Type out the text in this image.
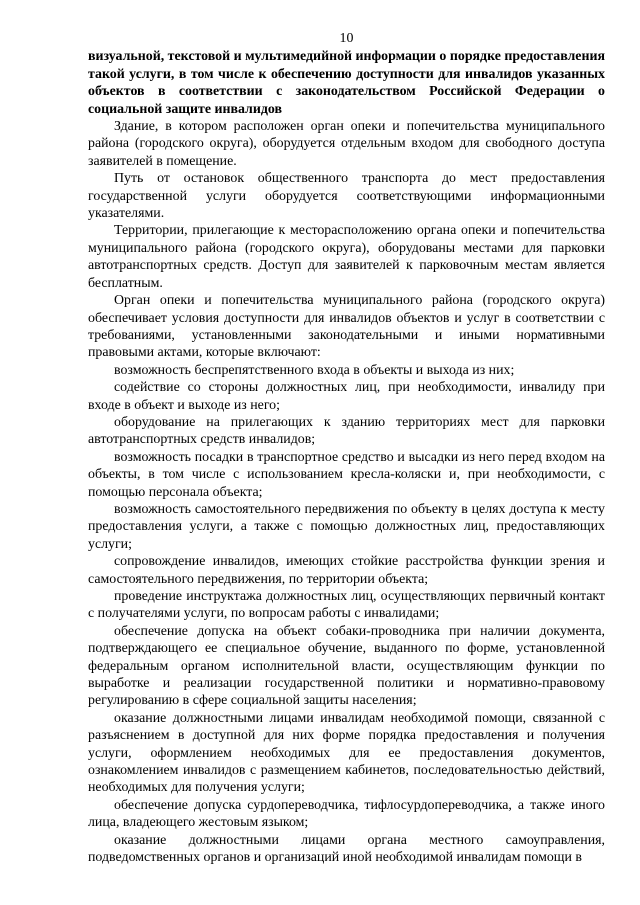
10

визуальной, текстовой и мультимедийной информации о порядке предоставления такой услуги, в том числе к обеспечению доступности для инвалидов указанных объектов в соответствии с законодательством Российской Федерации о социальной защите инвалидов

Здание, в котором расположен орган опеки и попечительства муниципального района (городского округа), оборудуется отдельным входом для свободного доступа заявителей в помещение.

Путь от остановок общественного транспорта до мест предоставления государственной услуги оборудуется соответствующими информационными указателями.

Территории, прилегающие к месторасположению органа опеки и попечительства муниципального района (городского округа), оборудованы местами для парковки автотранспортных средств. Доступ для заявителей к парковочным местам является бесплатным.

Орган опеки и попечительства муниципального района (городского округа) обеспечивает условия доступности для инвалидов объектов и услуг в соответствии с требованиями, установленными законодательными и иными нормативными правовыми актами, которые включают:

возможность беспрепятственного входа в объекты и выхода из них;

содействие со стороны должностных лиц, при необходимости, инвалиду при входе в объект и выходе из него;

оборудование на прилегающих к зданию территориях мест для парковки автотранспортных средств инвалидов;

возможность посадки в транспортное средство и высадки из него перед входом на объекты, в том числе с использованием кресла-коляски и, при необходимости, с помощью персонала объекта;

возможность самостоятельного передвижения по объекту в целях доступа к месту предоставления услуги, а также с помощью должностных лиц, предоставляющих услуги;

сопровождение инвалидов, имеющих стойкие расстройства функции зрения и самостоятельного передвижения, по территории объекта;

проведение инструктажа должностных лиц, осуществляющих первичный контакт с получателями услуги, по вопросам работы с инвалидами;

обеспечение допуска на объект собаки-проводника при наличии документа, подтверждающего ее специальное обучение, выданного по форме, установленной федеральным органом исполнительной власти, осуществляющим функции по выработке и реализации государственной политики и нормативно-правовому регулированию в сфере социальной защиты населения;

оказание должностными лицами инвалидам необходимой помощи, связанной с разъяснением в доступной для них форме порядка предоставления и получения услуги, оформлением необходимых для ее предоставления документов, ознакомлением инвалидов с размещением кабинетов, последовательностью действий, необходимых для получения услуги;

обеспечение допуска сурдопереводчика, тифлосурдопереводчика, а также иного лица, владеющего жестовым языком;

оказание должностными лицами органа местного самоуправления, подведомственных органов и организаций иной необходимой инвалидам помощи в
